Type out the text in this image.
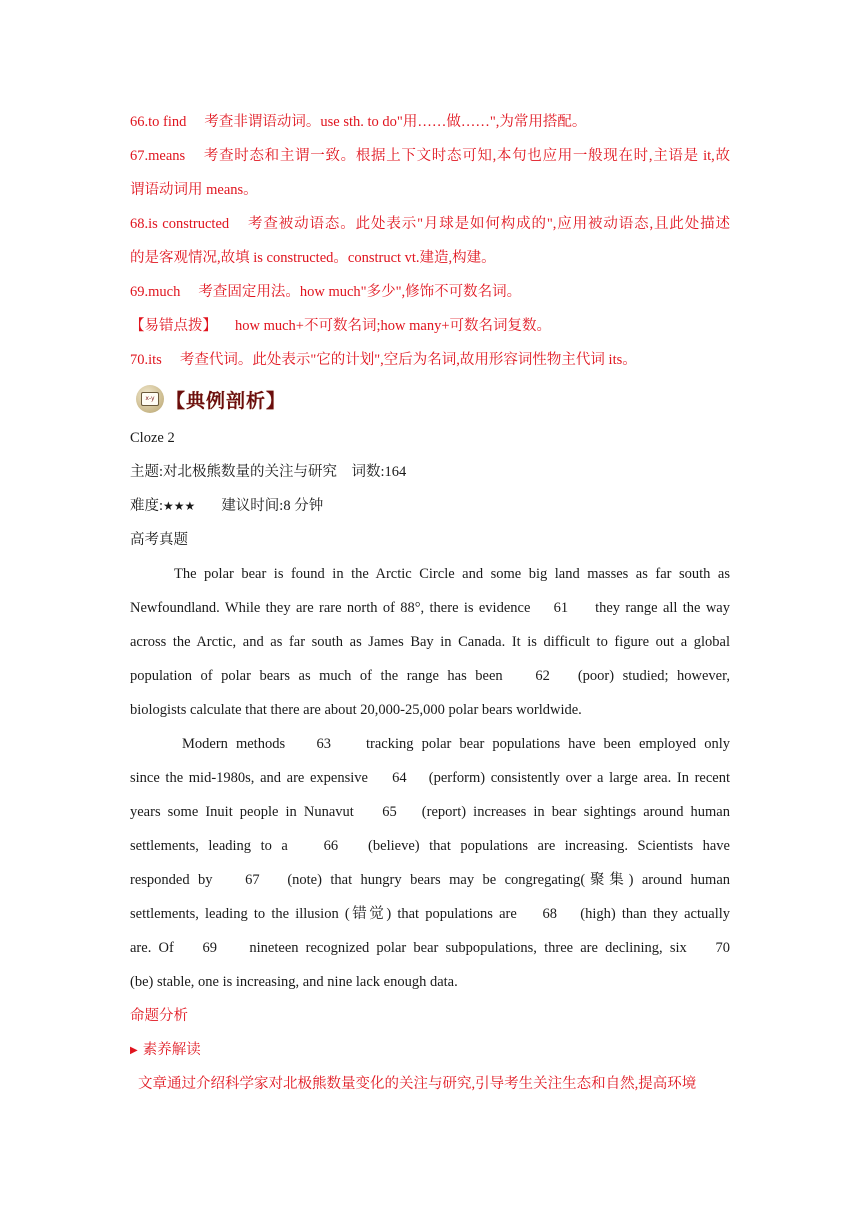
66.to find 考查非谓语动词。use sth. to do"用……做……",为常用搭配。
67.means 考查时态和主谓一致。根据上下文时态可知,本句也应用一般现在时,主语是 it,故
谓语动词用 means。
68.is constructed 考查被动语态。此处表示"月球是如何构成的",应用被动语态,且此处描述
的是客观情况,故填 is constructed。construct vt.建造,构建。
69.much 考查固定用法。how much"多少",修饰不可数名词。
【易错点拨】 how much+不可数名词;how many+可数名词复数。
70.its 考查代词。此处表示"它的计划",空后为名词,故用形容词性物主代词 its。
x-y 【典例剖析】
Cloze 2
主题:对北极熊数量的关注与研究　词数:164
难度:★★★ 建议时间:8 分钟
高考真题
The polar bear is found in the Arctic Circle and some big land masses as far south as
Newfoundland. While they are rare north of 88°, there is evidence　 61 　 they range all the way
across the Arctic, and as far south as James Bay in Canada. It is difficult to figure out a global
population of polar bears as much of the range has been　 62 　(poor) studied; however,
biologists calculate that there are about 20,000-25,000 polar bears worldwide.
Modern methods　 63 　 tracking polar bear populations have been employed only
since the mid-1980s, and are expensive　 64 　(perform) consistently over a large area. In recent
years some Inuit people in Nunavut　 65 　(report) increases in bear sightings around human
settlements, leading to a　 66 　(believe) that populations are increasing. Scientists have
responded by　 67 　(note) that hungry bears may be congregating(聚集) around human
settlements, leading to the illusion (错觉) that populations are　 68 　(high) than they actually
are. Of　 69 　 nineteen recognized polar bear subpopulations, three are declining, six　 70
(be) stable, one is increasing, and nine lack enough data.
命题分析
▶ 素养解读
文章通过介绍科学家对北极熊数量变化的关注与研究,引导考生关注生态和自然,提高环境
